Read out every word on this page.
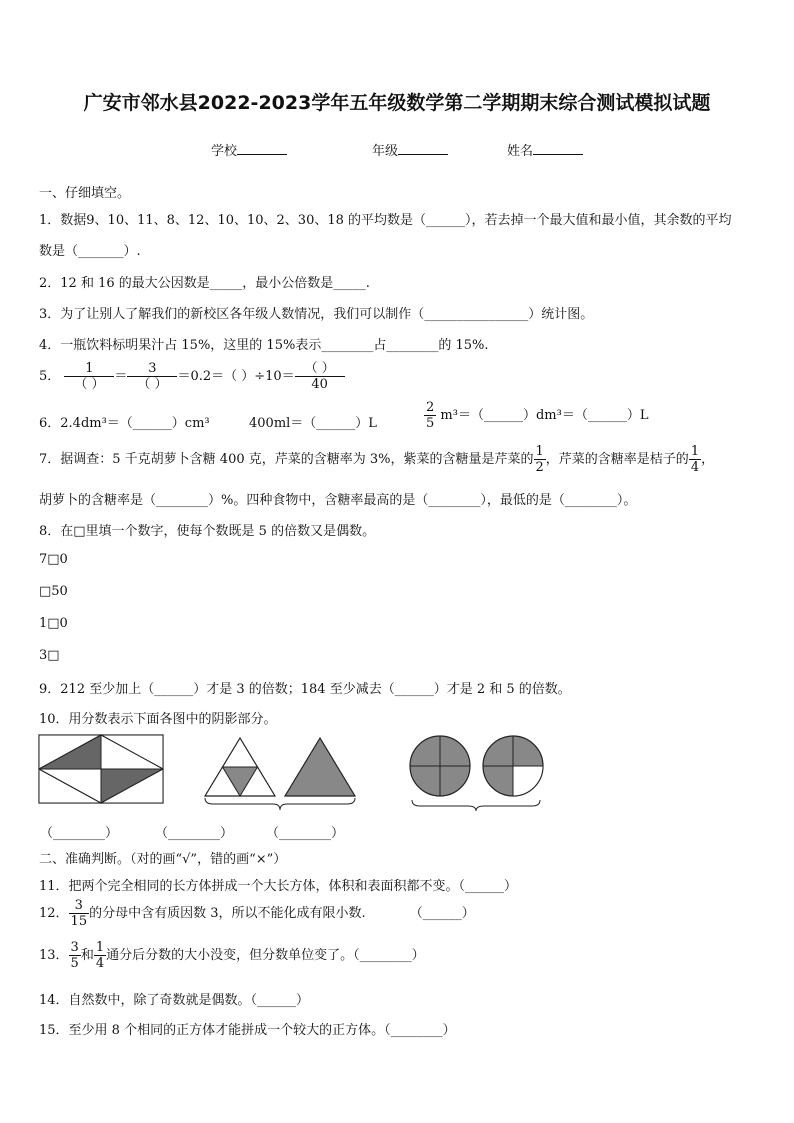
广安市邻水县2022-2023学年五年级数学第二学期期末综合测试模拟试题
学校	年级	姓名
一、仔细填空。
1．数据9、10、11、8、12、10、10、2、30、18 的平均数是（______），若去掉一个最大值和最小值，其余数的平均
数是（_______）.
2．12 和 16 的最大公因数是_____，最小公倍数是_____.
3．为了让别人了解我们的新校区各年级人数情况，我们可以制作（________________）统计图。
4．一瓶饮料标明果汁占 15%，这里的 15%表示________占________的 15%.
5． $\frac{1}{( )} = \frac{3}{( )} =0.2=$（ ）$\div 10= \frac{( )}{40}$
6．2.4dm³＝（______）cm³	400ml＝（______）L	$\frac{2}{5}$ m³＝（______）dm³＝（______）L
7．据调查：5 千克胡萝卜含糖 400 克，芹菜的含糖率为 3%，紫菜的含糖量是芹菜的 $\frac{1}{2}$ ，芹菜的含糖率是桔子的 $\frac{1}{4}$ ，
胡萝卜的含糖率是（________）%。四种食物中，含糖率最高的是（________），最低的是（________）。
8．在□里填一个数字，使每个数既是 5 的倍数又是偶数。
7□0
□50
1□0
3□
9．212 至少加上（______）才是 3 的倍数；184 至少减去（______）才是 2 和 5 的倍数。
10．用分数表示下面各图中的阴影部分。
（________）	（________）	（________）
二、准确判断。（对的画“√”，错的画“×”）
11．把两个完全相同的长方体拼成一个大长方体，体积和表面积都不变。（______）
12． $\frac{3}{15}$ 的分母中含有质因数 3，所以不能化成有限小数.	（______）
13． $\frac{3}{5}$ 和 $\frac{1}{4}$ 通分后分数的大小没变，但分数单位变了。（________）
14．自然数中，除了奇数就是偶数。（______）
15．至少用 8 个相同的正方体才能拼成一个较大的正方体。（________）
